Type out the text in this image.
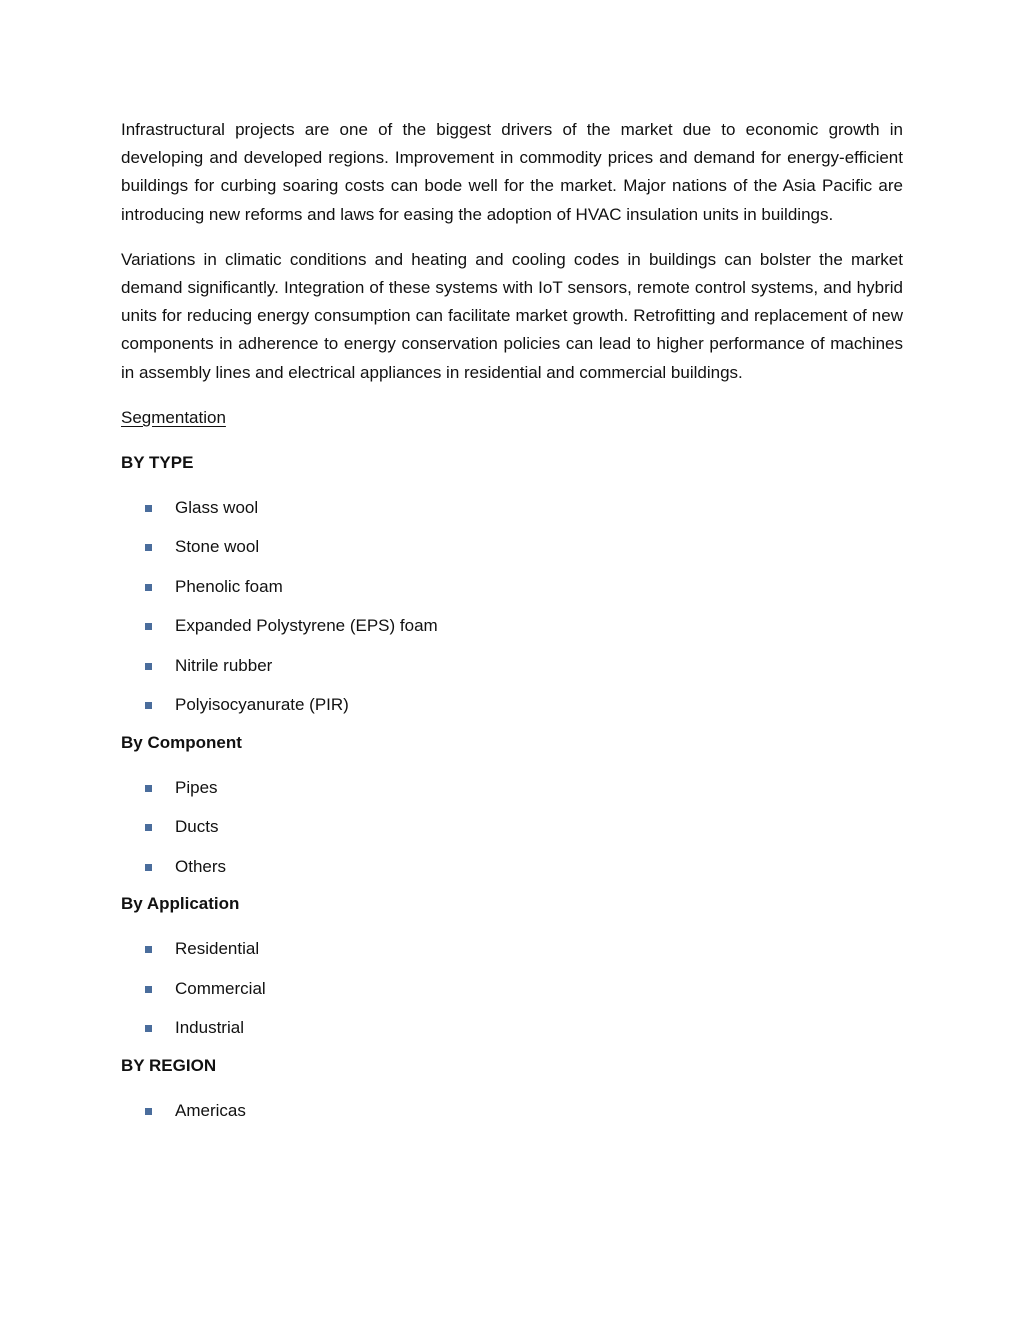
Infrastructural projects are one of the biggest drivers of the market due to economic growth in developing and developed regions. Improvement in commodity prices and demand for energy-efficient buildings for curbing soaring costs can bode well for the market. Major nations of the Asia Pacific are introducing new reforms and laws for easing the adoption of HVAC insulation units in buildings.

Variations in climatic conditions and heating and cooling codes in buildings can bolster the market demand significantly. Integration of these systems with IoT sensors, remote control systems, and hybrid units for reducing energy consumption can facilitate market growth. Retrofitting and replacement of new components in adherence to energy conservation policies can lead to higher performance of machines in assembly lines and electrical appliances in residential and commercial buildings.

Segmentation

BY TYPE

Glass wool
Stone wool
Phenolic foam
Expanded Polystyrene (EPS) foam
Nitrile rubber
Polyisocyanurate (PIR)

By Component

Pipes
Ducts
Others

By Application

Residential
Commercial
Industrial

BY REGION

Americas
